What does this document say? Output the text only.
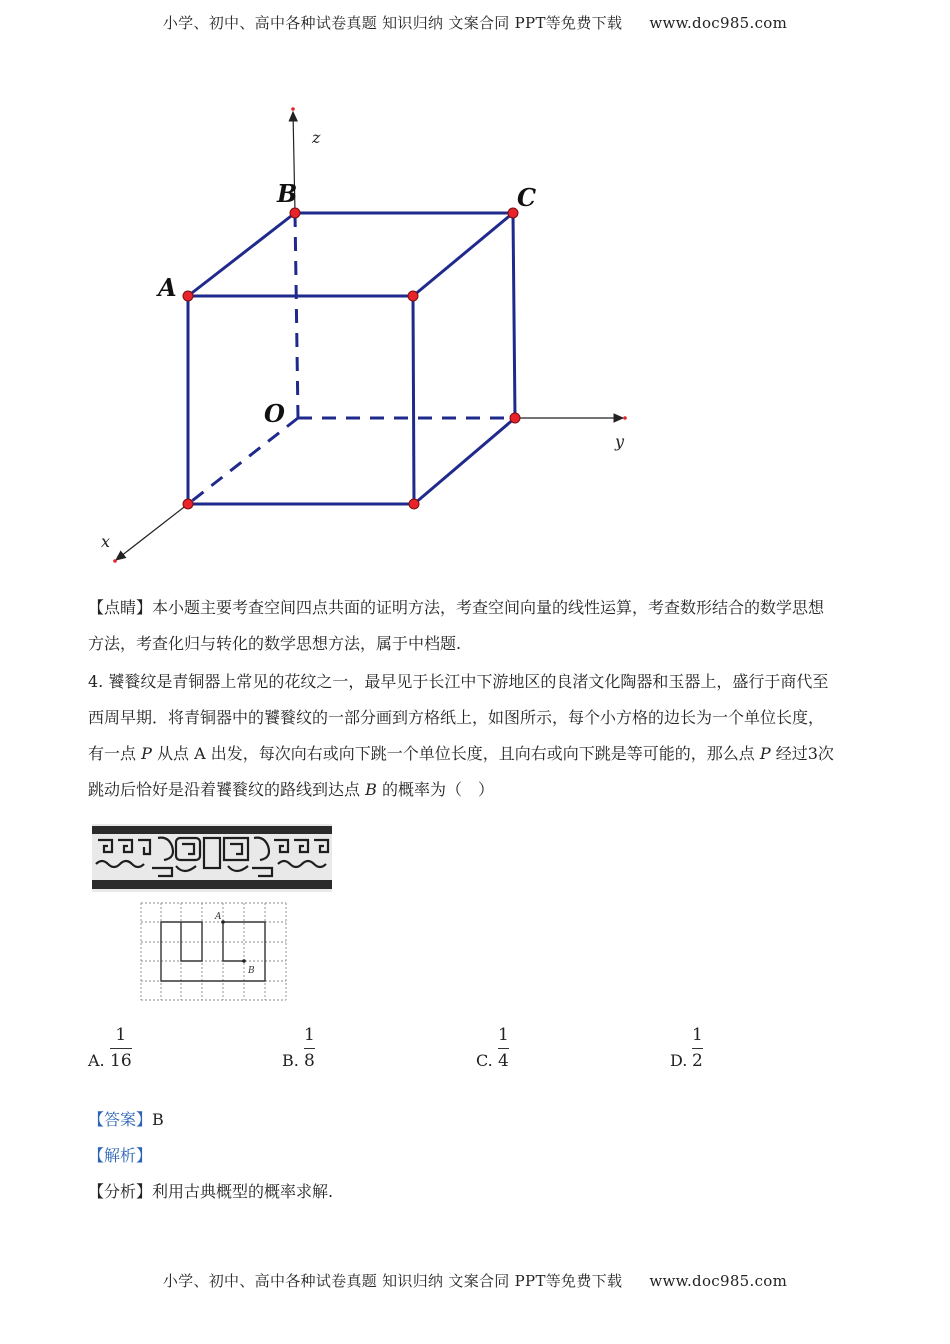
小学、初中、高中各种试卷真题 知识归纳 文案合同 PPT等免费下载 www.doc985.com
z
y
x
B	C
A
O
【点睛】本小题主要考查空间四点共面的证明方法，考查空间向量的线性运算，考查数形结合的数学思想
方法，考查化归与转化的数学思想方法，属于中档题.
4. 饕餮纹是青铜器上常见的花纹之一，最早见于长江中下游地区的良渚文化陶器和玉器上，盛行于商代至
西周早期．将青铜器中的饕餮纹的一部分画到方格纸上，如图所示，每个小方格的边长为一个单位长度，
有一点 P 从点 A 出发，每次向右或向下跳一个单位长度，且向右或向下跳是等可能的，那么点 P 经过3次
跳动后恰好是沿着饕餮纹的路线到达点 B 的概率为（　）
A
B
A.
1
16	B.
1
8	C.
1
4	D.
1
2
【答案】B
【解析】
【分析】利用古典概型的概率求解.
小学、初中、高中各种试卷真题 知识归纳 文案合同 PPT等免费下载 www.doc985.com
